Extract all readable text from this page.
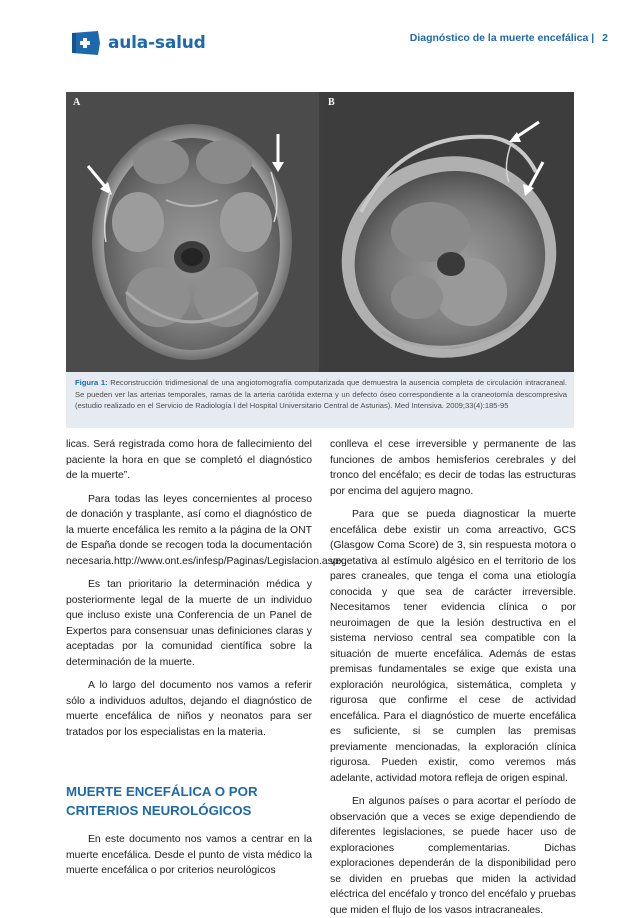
aula-salud	Diagnóstico de la muerte encefálica | 2
A	B
Figura 1: Reconstrucción tridimesional de una angiotomografía computarizada que demuestra la ausencia completa de circulación intracraneal. Se pueden ver las arterias temporales, ramas de la arteria carótida externa y un defecto óseo correspondiente a la craneotomía descompresiva (estudio realizado en el Servicio de Radiología l del Hospital Universitario Central de Asturias). Med Intensiva. 2009;33(4):185-95

licas. Será registrada como hora de fallecimiento del paciente la hora en que se completó el diagnóstico de la muerte”.

Para todas las leyes concernientes al proceso de donación y trasplante, así como el diagnóstico de la muerte encefálica les remito a la página de la ONT de España donde se recogen toda la documentación necesaria.http://www.ont.es/infesp/Paginas/Legislacion.aspx.

Es tan prioritario la determinación médica y posteriormente legal de la muerte de un individuo que incluso existe una Conferencia de un Panel de Expertos para consensuar unas definiciones claras y aceptadas por la comunidad científica sobre la determinación de la muerte.

A lo largo del documento nos vamos a referir sólo a individuos adultos, dejando el diagnóstico de muerte encefálica de niños y neonatos para ser tratados por los especialistas en la materia.

MUERTE ENCEFÁLICA O POR CRITERIOS NEUROLÓGICOS

En este documento nos vamos a centrar en la muerte encefálica. Desde el punto de vista médico la muerte encefálica o por criterios neurológicos

conlleva el cese irreversible y permanente de las funciones de ambos hemisferios cerebrales y del tronco del encéfalo; es decir de todas las estructuras por encima del agujero magno.

Para que se pueda diagnosticar la muerte encefálica debe existir un coma arreactivo, GCS (Glasgow Coma Score) de 3, sin respuesta motora o vegetativa al estímulo algésico en el territorio de los pares craneales, que tenga el coma una etiología conocida y que sea de carácter irreversible. Necesitamos tener evidencia clínica o por neuroimagen de que la lesión destructiva en el sistema nervioso central sea compatible con la situación de muerte encefálica. Además de estas premisas fundamentales se exige que exista una exploración neurológica, sistemática, completa y rigurosa que confirme el cese de actividad encefálica. Para el diagnóstico de muerte encefálica es suficiente, si se cumplen las premisas previamente mencionadas, la exploración clínica rigurosa. Pueden existir, como veremos más adelante, actividad motora refleja de origen espinal.

En algunos países o para acortar el período de observación que a veces se exige dependiendo de diferentes legislaciones, se puede hacer uso de exploraciones complementarias. Dichas exploraciones dependerán de la disponibilidad pero se dividen en pruebas que miden la actividad eléctrica del encéfalo y tronco del encéfalo y pruebas que miden el flujo de los vasos intracraneales.
